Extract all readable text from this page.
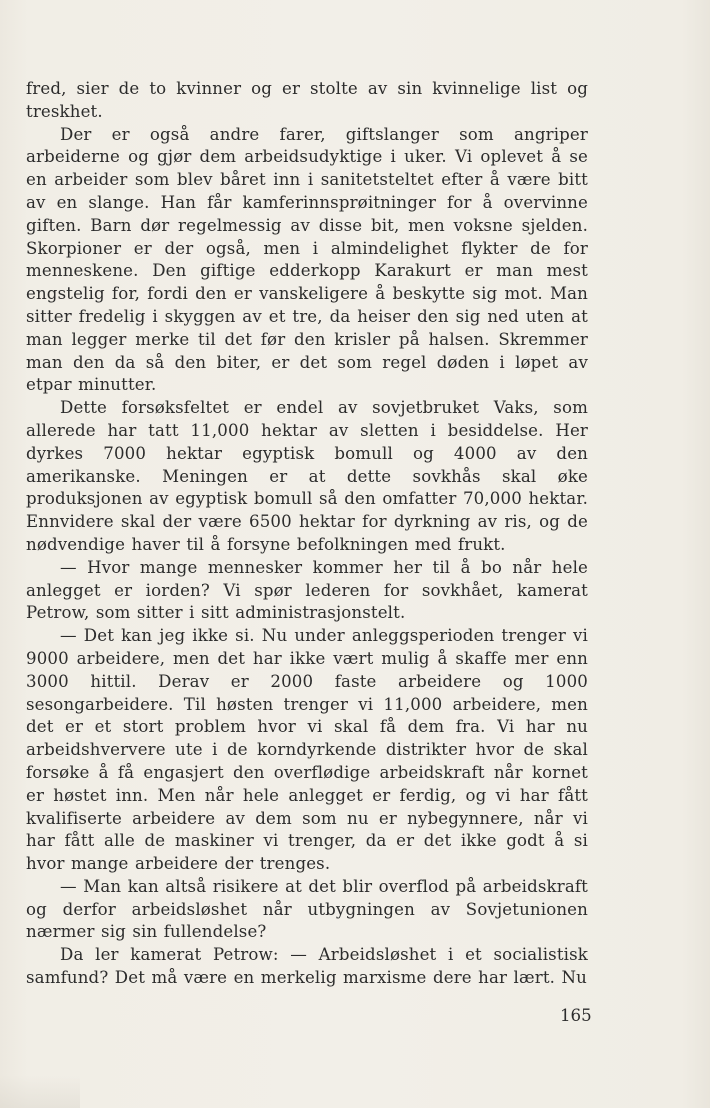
fred, sier de to kvinner og er stolte av sin kvinnelige list og treskhet.

Der er også andre farer, giftslanger som angriper arbeiderne og gjør dem arbeidsudyktige i uker. Vi oplevet å se en arbeider som blev båret inn i sanitetsteltet efter å være bitt av en slange. Han får kamferinnsprøitninger for å overvinne giften. Barn dør regelmessig av disse bit, men voksne sjelden. Skorpioner er der også, men i almindelighet flykter de for menneskene. Den giftige edderkopp Karakurt er man mest engstelig for, fordi den er vanskeligere å beskytte sig mot. Man sitter fredelig i skyggen av et tre, da heiser den sig ned uten at man legger merke til det før den krisler på halsen. Skremmer man den da så den biter, er det som regel døden i løpet av etpar minutter.

Dette forsøksfeltet er endel av sovjetbruket Vaks, som allerede har tatt 11,000 hektar av sletten i besiddelse. Her dyrkes 7000 hektar egyptisk bomull og 4000 av den amerikanske. Meningen er at dette sovkhås skal øke produksjonen av egyptisk bomull så den omfatter 70,000 hektar. Ennvidere skal der være 6500 hektar for dyrkning av ris, og de nødvendige haver til å forsyne befolkningen med frukt.

— Hvor mange mennesker kommer her til å bo når hele anlegget er iorden? Vi spør lederen for sovkhået, kamerat Petrow, som sitter i sitt administrasjonstelt.

— Det kan jeg ikke si. Nu under anleggsperioden trenger vi 9000 arbeidere, men det har ikke vært mulig å skaffe mer enn 3000 hittil. Derav er 2000 faste arbeidere og 1000 sesongarbeidere. Til høsten trenger vi 11,000 arbeidere, men det er et stort problem hvor vi skal få dem fra. Vi har nu arbeidshververe ute i de korndyrkende distrikter hvor de skal forsøke å få engasjert den overflødige arbeidskraft når kornet er høstet inn. Men når hele anlegget er ferdig, og vi har fått kvalifiserte arbeidere av dem som nu er nybegynnere, når vi har fått alle de maskiner vi trenger, da er det ikke godt å si hvor mange arbeidere der trenges.

— Man kan altså risikere at det blir overflod på arbeidskraft og derfor arbeidsløshet når utbygningen av Sovjetunionen nærmer sig sin fullendelse?

Da ler kamerat Petrow: — Arbeidsløshet i et socialistisk samfund? Det må være en merkelig marxisme dere har lært. Nu

165
